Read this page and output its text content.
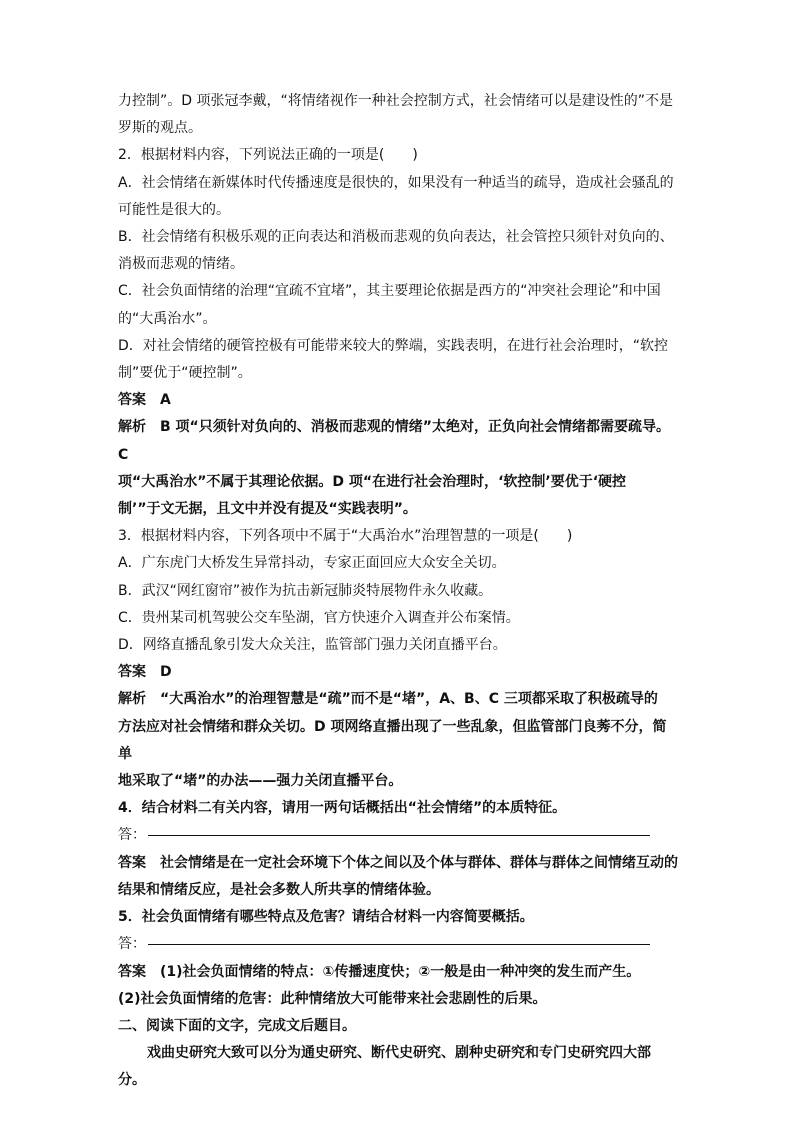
力控制”。D 项张冠李戴，“将情绪视作一种社会控制方式，社会情绪可以是建设性的”不是

罗斯的观点。

2．根据材料内容，下列说法正确的一项是(　　)

A．社会情绪在新媒体时代传播速度是很快的，如果没有一种适当的疏导，造成社会骚乱的

可能性是很大的。

B．社会情绪有积极乐观的正向表达和消极而悲观的负向表达，社会管控只须针对负向的、

消极而悲观的情绪。

C．社会负面情绪的治理“宜疏不宜堵”，其主要理论依据是西方的“冲突社会理论”和中国

的“大禹治水”。

D．对社会情绪的硬管控极有可能带来较大的弊端，实践表明，在进行社会治理时，“软控

制”要优于“硬控制”。

答案　A

解析　B 项“只须针对负向的、消极而悲观的情绪”太绝对，正负向社会情绪都需要疏导。C

项“大禹治水”不属于其理论依据。D 项“在进行社会治理时，‘软控制’要优于‘硬控

制’”于文无据，且文中并没有提及“实践表明”。

3．根据材料内容，下列各项中不属于“大禹治水”治理智慧的一项是(　　)

A．广东虎门大桥发生异常抖动，专家正面回应大众安全关切。

B．武汉“网红窗帘”被作为抗击新冠肺炎特展物件永久收藏。

C．贵州某司机驾驶公交车坠湖，官方快速介入调查并公布案情。

D．网络直播乱象引发大众关注，监管部门强力关闭直播平台。

答案　D

解析　“大禹治水”的治理智慧是“疏”而不是“堵”，A、B、C 三项都采取了积极疏导的

方法应对社会情绪和群众关切。D 项网络直播出现了一些乱象，但监管部门良莠不分，简单

地采取了“堵”的办法——强力关闭直播平台。

4．结合材料二有关内容，请用一两句话概括出“社会情绪”的本质特征。

答：

答案　社会情绪是在一定社会环境下个体之间以及个体与群体、群体与群体之间情绪互动的

结果和情绪反应，是社会多数人所共享的情绪体验。

5．社会负面情绪有哪些特点及危害？请结合材料一内容简要概括。

答：

答案　(1)社会负面情绪的特点：①传播速度快；②一般是由一种冲突的发生而产生。

(2)社会负面情绪的危害：此种情绪放大可能带来社会悲剧性的后果。

二、阅读下面的文字，完成文后题目。

戏曲史研究大致可以分为通史研究、断代史研究、剧种史研究和专门史研究四大部分。
